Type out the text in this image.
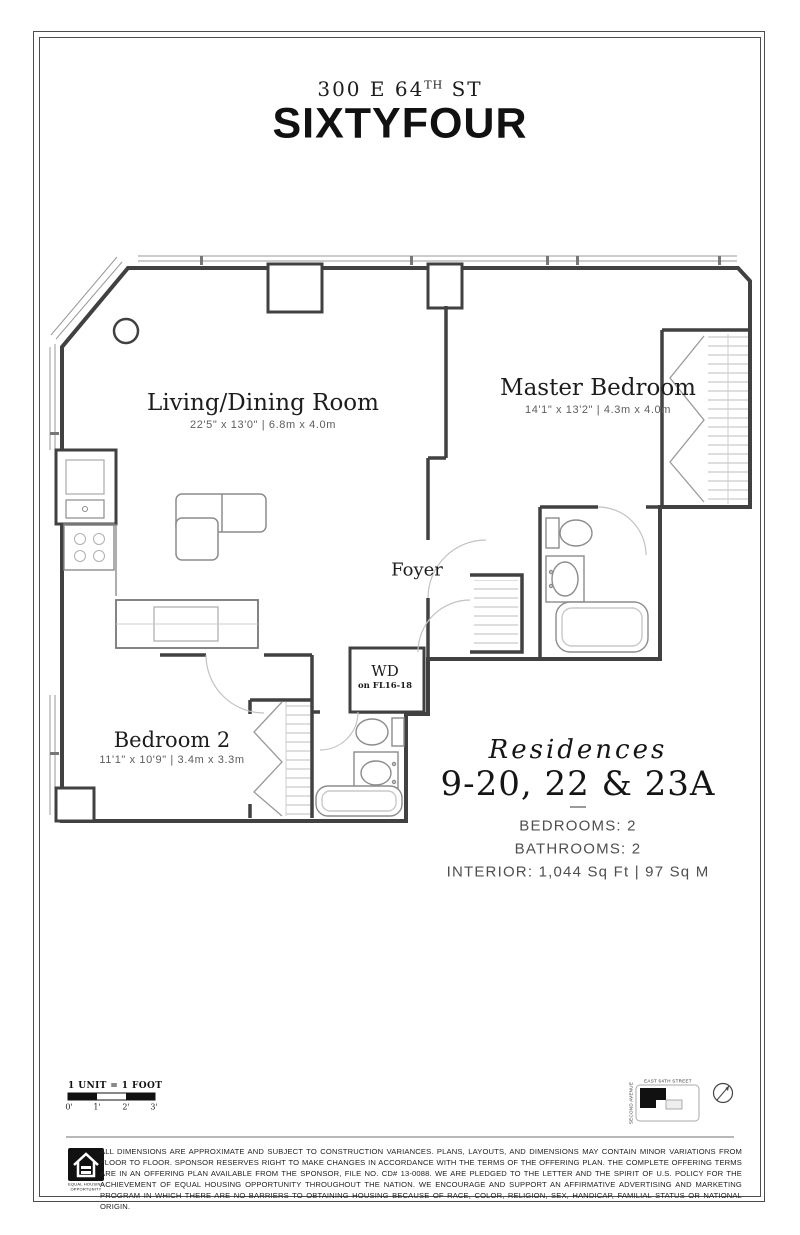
300 E 64TH ST
SIXTYFOUR
Living/Dining Room
22'5" x 13'0" | 6.8m x 4.0m
Master Bedroom
14'1" x 13'2" | 4.3m x 4.0m
Bedroom 2
11'1" x 10'9" | 3.4m x 3.3m
Foyer
WD
on FL16-18
Residences
9-20, 22 & 23A
BEDROOMS: 2
BATHROOMS: 2
INTERIOR: 1,044 Sq Ft | 97 Sq M
1 UNIT = 1 FOOT
0'	1'	2'	3'
EAST 64TH STREET
SECOND AVENUE
EQUAL HOUSING
OPPORTUNITY
ALL DIMENSIONS ARE APPROXIMATE AND SUBJECT TO CONSTRUCTION VARIANCES. PLANS, LAYOUTS, AND DIMENSIONS MAY CONTAIN MINOR VARIATIONS FROM FLOOR TO FLOOR. SPONSOR RESERVES RIGHT TO MAKE CHANGES IN ACCORDANCE WITH THE TERMS OF THE OFFERING PLAN. THE COMPLETE OFFERING TERMS ARE IN AN OFFERING PLAN AVAILABLE FROM THE SPONSOR, FILE NO. CD# 13-0088. WE ARE PLEDGED TO THE LETTER AND THE SPIRIT OF U.S. POLICY FOR THE ACHIEVEMENT OF EQUAL HOUSING OPPORTUNITY THROUGHOUT THE NATION. WE ENCOURAGE AND SUPPORT AN AFFIRMATIVE ADVERTISING AND MARKETING PROGRAM IN WHICH THERE ARE NO BARRIERS TO OBTAINING HOUSING BECAUSE OF RACE, COLOR, RELIGION, SEX, HANDICAP, FAMILIAL STATUS OR NATIONAL ORIGIN.
